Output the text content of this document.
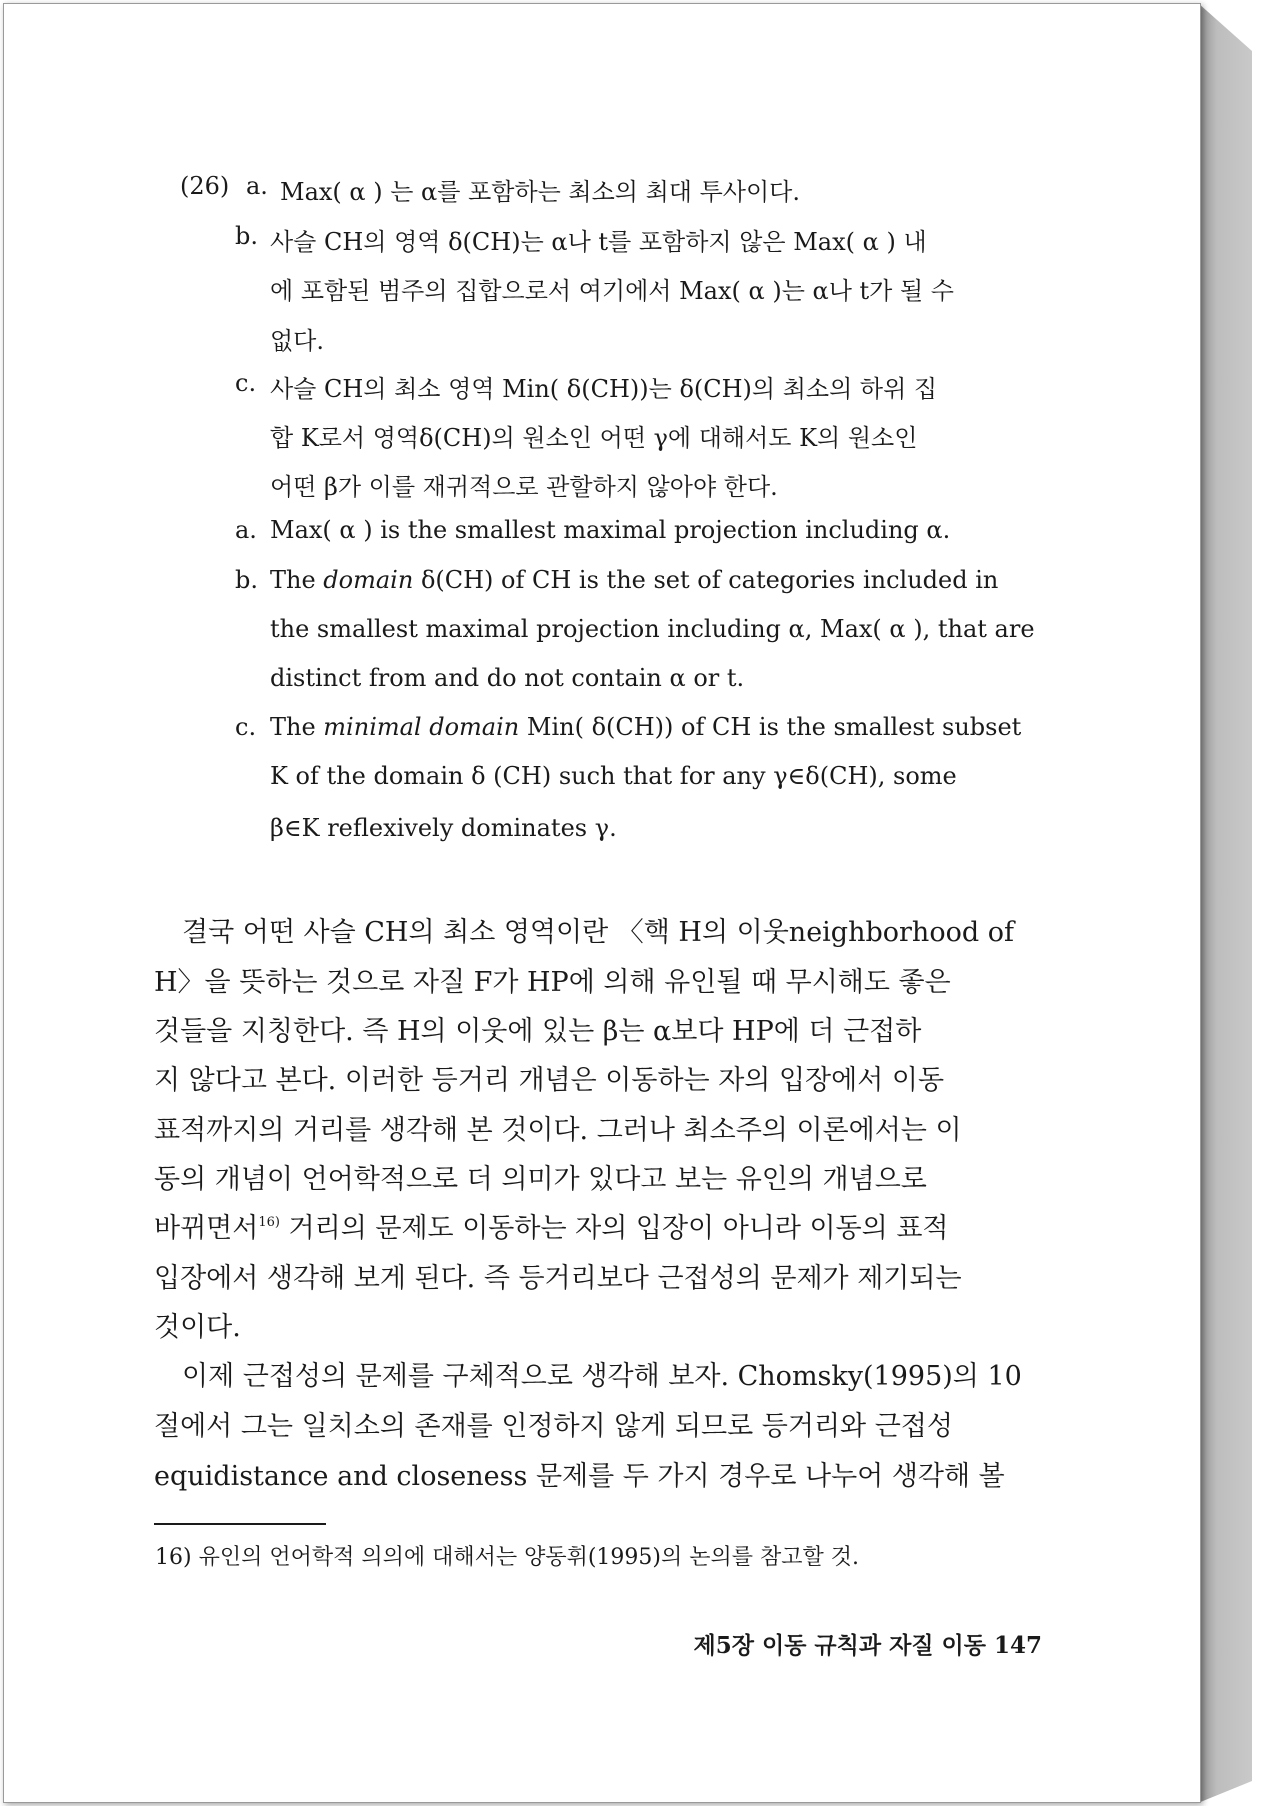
(26) a. Max( α ) 는 α를 포함하는 최소의 최대 투사이다.
b. 사슬 CH의 영역 δ(CH)는 α나 t를 포함하지 않은 Max( α ) 내
에 포함된 범주의 집합으로서 여기에서 Max( α )는 α나 t가 될 수
없다.
c. 사슬 CH의 최소 영역 Min( δ(CH))는 δ(CH)의 최소의 하위 집
합 K로서 영역δ(CH)의 원소인 어떤 γ에 대해서도 K의 원소인
어떤 β가 이를 재귀적으로 관할하지 않아야 한다.
a. Max( α ) is the smallest maximal projection including α.
b. The domain δ(CH) of CH is the set of categories included in
the smallest maximal projection including α, Max( α ), that are
distinct from and do not contain α or t.
c. The minimal domain Min( δ(CH)) of CH is the smallest subset
K of the domain δ (CH) such that for any γ∈δ(CH), some
β∈K reflexively dominates γ.
결국 어떤 사슬 CH의 최소 영역이란 〈핵 H의 이웃neighborhood of
H〉을 뜻하는 것으로 자질 F가 HP에 의해 유인될 때 무시해도 좋은
것들을 지칭한다. 즉 H의 이웃에 있는 β는 α보다 HP에 더 근접하
지 않다고 본다. 이러한 등거리 개념은 이동하는 자의 입장에서 이동
표적까지의 거리를 생각해 본 것이다. 그러나 최소주의 이론에서는 이
동의 개념이 언어학적으로 더 의미가 있다고 보는 유인의 개념으로
바뀌면서$^{16)}$ 거리의 문제도 이동하는 자의 입장이 아니라 이동의 표적
입장에서 생각해 보게 된다. 즉 등거리보다 근접성의 문제가 제기되는
것이다.
이제 근접성의 문제를 구체적으로 생각해 보자. Chomsky(1995)의 10
절에서 그는 일치소의 존재를 인정하지 않게 되므로 등거리와 근접성
equidistance and closeness 문제를 두 가지 경우로 나누어 생각해 볼
16) 유인의 언어학적 의의에 대해서는 양동휘(1995)의 논의를 참고할 것.
제5장 이동 규칙과 자질 이동 147
